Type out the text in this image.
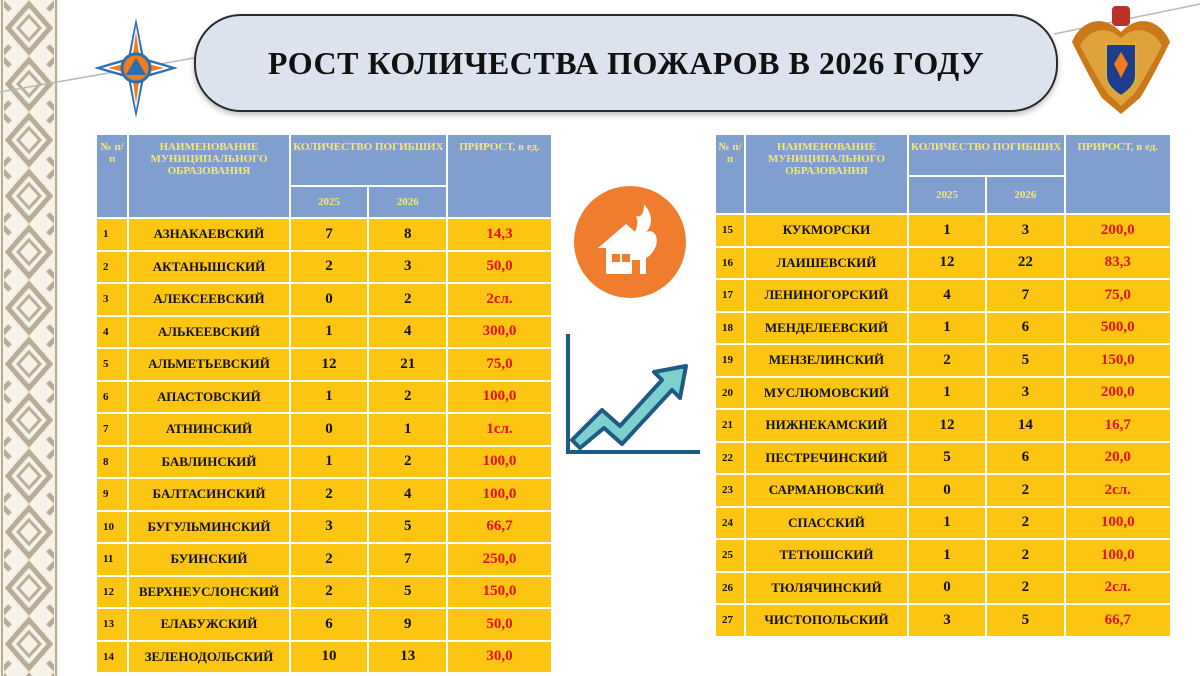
РОСТ КОЛИЧЕСТВА ПОЖАРОВ В 2026 ГОДУ
№ п/п	НАИМЕНОВАНИЕ МУНИЦИПАЛЬНОГО ОБРАЗОВАНИЯ	КОЛИЧЕСТВО ПОГИБШИХ		ПРИРОСТ, в ед.
		2025	2026	
1	АЗНАКАЕВСКИЙ	7	8	14,3
2	АКТАНЫШСКИЙ	2	3	50,0
3	АЛЕКСЕЕВСКИЙ	0	2	2сл.
4	АЛЬКЕЕВСКИЙ	1	4	300,0
5	АЛЬМЕТЬЕВСКИЙ	12	21	75,0
6	АПАСТОВСКИЙ	1	2	100,0
7	АТНИНСКИЙ	0	1	1сл.
8	БАВЛИНСКИЙ	1	2	100,0
9	БАЛТАСИНСКИЙ	2	4	100,0
10	БУГУЛЬМИНСКИЙ	3	5	66,7
11	БУИНСКИЙ	2	7	250,0
12	ВЕРХНЕУСЛОНСКИЙ	2	5	150,0
13	ЕЛАБУЖСКИЙ	6	9	50,0
14	ЗЕЛЕНОДОЛЬСКИЙ	10	13	30,0
№ п/п	НАИМЕНОВАНИЕ МУНИЦИПАЛЬНОГО ОБРАЗОВАНИЯ	КОЛИЧЕСТВО ПОГИБШИХ		ПРИРОСТ, в ед.
		2025	2026	
15	КУКМОРСКИ	1	3	200,0
16	ЛАИШЕВСКИЙ	12	22	83,3
17	ЛЕНИНОГОРСКИЙ	4	7	75,0
18	МЕНДЕЛЕЕВСКИЙ	1	6	500,0
19	МЕНЗЕЛИНСКИЙ	2	5	150,0
20	МУСЛЮМОВСКИЙ	1	3	200,0
21	НИЖНЕКАМСКИЙ	12	14	16,7
22	ПЕСТРЕЧИНСКИЙ	5	6	20,0
23	САРМАНОВСКИЙ	0	2	2сл.
24	СПАССКИЙ	1	2	100,0
25	ТЕТЮШСКИЙ	1	2	100,0
26	ТЮЛЯЧИНСКИЙ	0	2	2сл.
27	ЧИСТОПОЛЬСКИЙ	3	5	66,7
